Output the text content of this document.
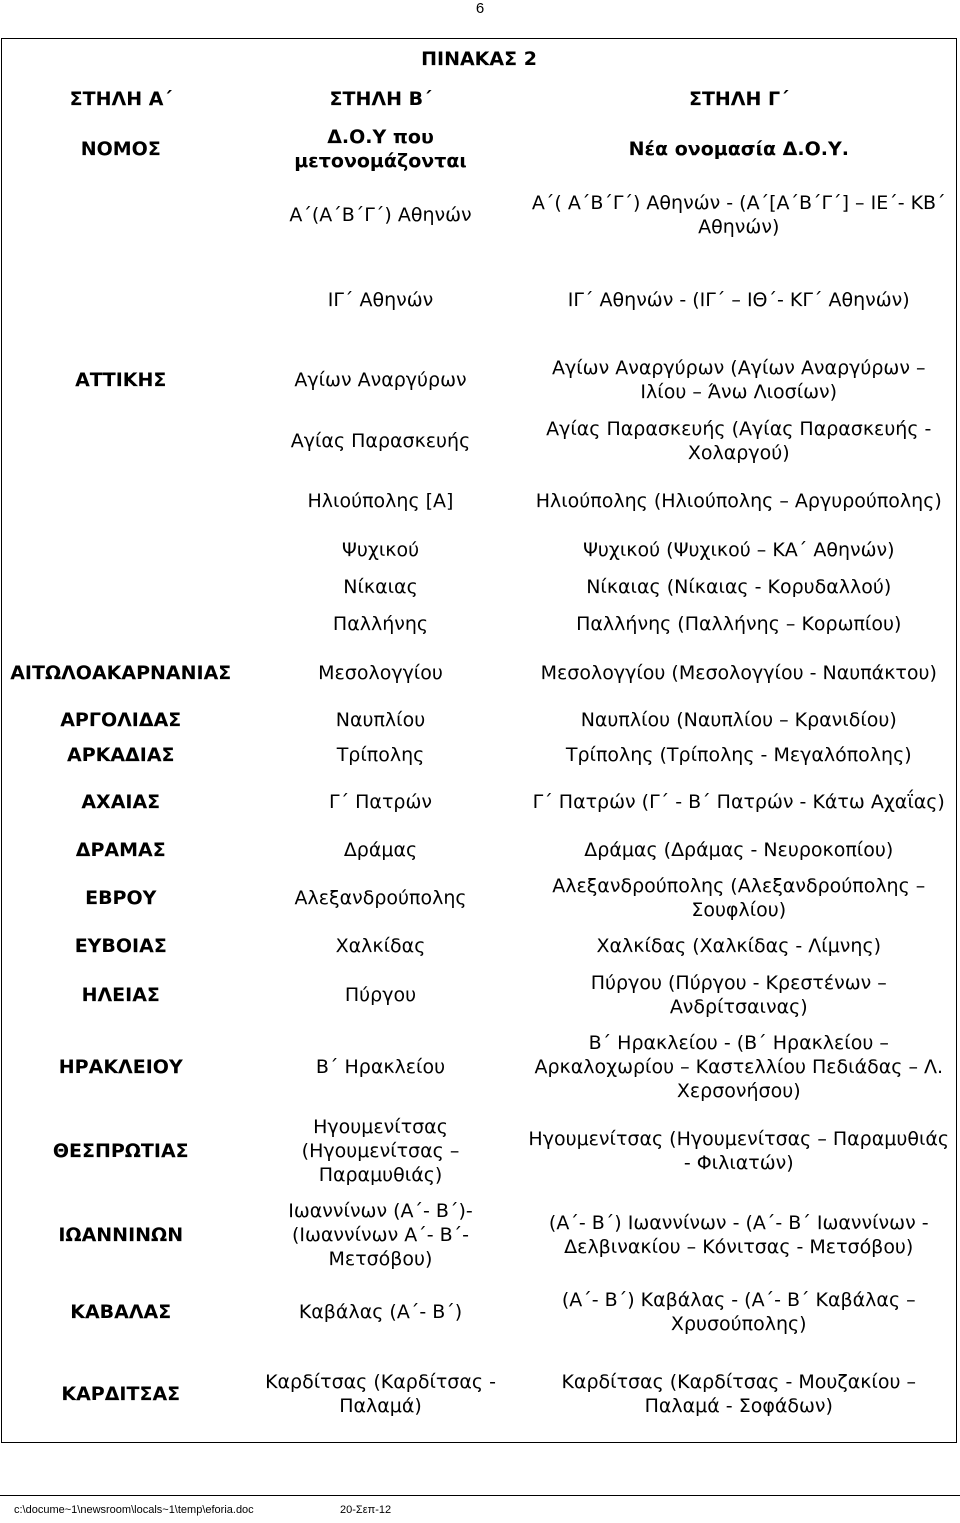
6
ΠΙΝΑΚΑΣ 2		
ΣΤΗΛΗ Α΄	ΣΤΗΛΗ Β΄	ΣΤΗΛΗ Γ΄
ΝΟΜΟΣ	Δ.Ο.Υ που μετονομάζονται	Νέα ονομασία Δ.Ο.Υ.
	Α΄(Α΄Β΄Γ΄) Αθηνών	Α΄( Α΄Β΄Γ΄) Αθηνών - (Α΄[Α΄Β΄Γ΄] – ΙΕ΄- ΚΒ΄ Αθηνών)
	ΙΓ΄ Αθηνών	ΙΓ΄ Αθηνών - (ΙΓ΄ – ΙΘ΄- ΚΓ΄ Αθηνών)
ΑΤΤΙΚΗΣ	Αγίων Αναργύρων	Αγίων Αναργύρων (Αγίων Αναργύρων – Ιλίου – Άνω Λιοσίων)
	Αγίας Παρασκευής	Αγίας Παρασκευής (Αγίας Παρασκευής - Χολαργού)
	Ηλιούπολης [Α]	Ηλιούπολης (Ηλιούπολης – Αργυρούπολης)
	Ψυχικού	Ψυχικού (Ψυχικού – ΚΑ΄ Αθηνών)
	Νίκαιας	Νίκαιας (Νίκαιας - Κορυδαλλού)
	Παλλήνης	Παλλήνης (Παλλήνης – Κορωπίου)
ΑΙΤΩΛΟΑΚΑΡΝΑΝΙΑΣ	Μεσολογγίου	Μεσολογγίου (Μεσολογγίου - Ναυπάκτου)
ΑΡΓΟΛΙΔΑΣ	Ναυπλίου	Ναυπλίου (Ναυπλίου – Κρανιδίου)
ΑΡΚΑΔΙΑΣ	Τρίπολης	Τρίπολης (Τρίπολης - Μεγαλόπολης)
ΑΧΑΙΑΣ	Γ΄ Πατρών	Γ΄ Πατρών (Γ΄ - Β΄ Πατρών - Κάτω Αχαΐας)
ΔΡΑΜΑΣ	Δράμας	Δράμας (Δράμας - Νευροκοπίου)
ΕΒΡΟΥ	Αλεξανδρούπολης	Αλεξανδρούπολης (Αλεξανδρούπολης – Σουφλίου)
ΕΥΒΟΙΑΣ	Χαλκίδας	Χαλκίδας (Χαλκίδας - Λίμνης)
ΗΛΕΙΑΣ	Πύργου	Πύργου (Πύργου - Κρεστένων – Ανδρίτσαινας)
ΗΡΑΚΛΕΙΟΥ	Β΄ Ηρακλείου	Β΄ Ηρακλείου - (Β΄ Ηρακλείου – Αρκαλοχωρίου – Καστελλίου Πεδιάδας – Λ. Χερσονήσου)
ΘΕΣΠΡΩΤΙΑΣ	Ηγουμενίτσας (Ηγουμενίτσας – Παραμυθιάς)	Ηγουμενίτσας (Ηγουμενίτσας – Παραμυθιάς - Φιλιατών)
ΙΩΑΝΝΙΝΩΝ	Ιωαννίνων (Α΄- Β΄)- (Ιωαννίνων Α΄- Β΄- Μετσόβου)	(Α΄- Β΄) Ιωαννίνων - (Α΄- Β΄ Ιωαννίνων - Δελβινακίου – Κόνιτσας - Μετσόβου)
ΚΑΒΑΛΑΣ	Καβάλας (Α΄- Β΄)	(Α΄- Β΄) Καβάλας - (Α΄- Β΄ Καβάλας – Χρυσούπολης)
ΚΑΡΔΙΤΣΑΣ	Καρδίτσας (Καρδίτσας - Παλαμά)	Καρδίτσας (Καρδίτσας - Μουζακίου – Παλαμά - Σοφάδων)
c:\docume~1\newsroom\locals~1\temp\eforia.doc	20-Σεπ-12
